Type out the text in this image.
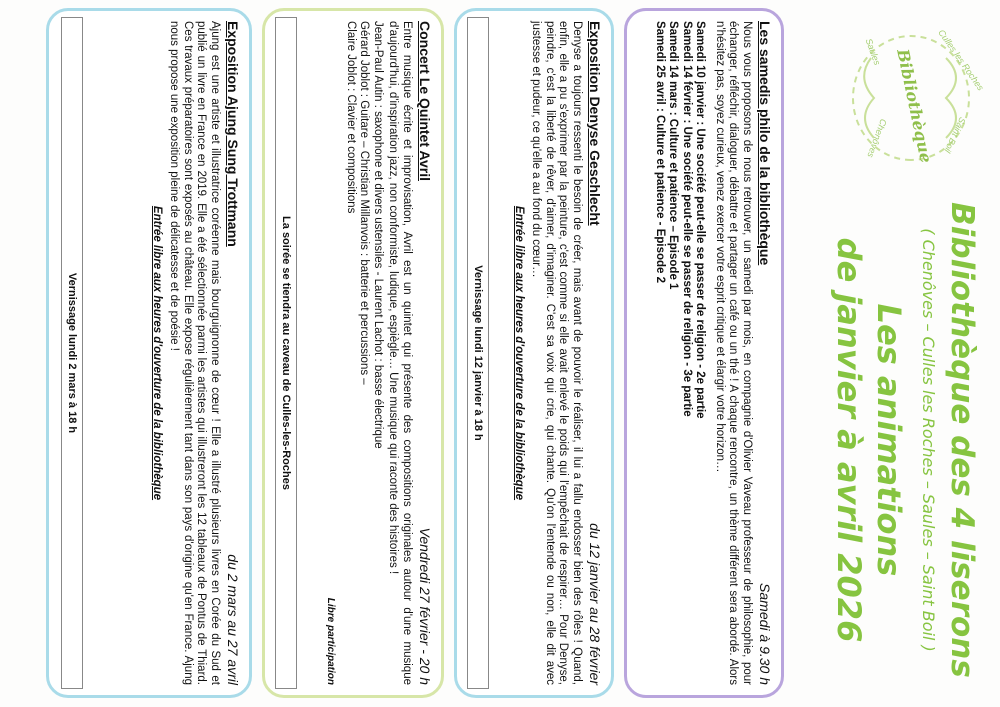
Bibliothèque Culles les Roches
Saint Boil
Saules
Chenôves
Bibliothèque des 4 liserons
( Chenôves – Culles les Roches – Saules – Saint Boil )
Les animations
de janvier à avril 2026
Les samedis philo de la bibliothèque
Samedi à 9.30 h
Nous vous proposons de nous retrouver, un samedi par mois, en compagnie d'Olivier Vaveau professeur de philosophie, pour échanger, réfléchir, dialoguer, débattre et partager un café ou un thé ! A chaque rencontre, un thème différent sera abordé. Alors n'hésitez pas, soyez curieux, venez exercer votre esprit critique et élargir votre horizon…
Samedi 10 janvier : Une société peut-elle se passer de religion - 2e partie
Samedi 14 février : Une société peut-elle se passer de religion - 3e partie
Samedi 14 mars : Culture et patience – Episode 1
Samedi 25 avril : Culture et patience - Episode 2
Exposition Denyse Geschlecht
du 12 janvier au 28 février
Denyse a toujours ressenti le besoin de créer, mais avant de pouvoir le réaliser, il lui a fallu endosser bien des rôles ! Quand, enfin, elle a pu s'exprimer par la peinture, c'est comme si elle avait enlevé le poids qui l'empêchait de respirer… Pour Denyse, peindre, c'est la liberté de rêver, d'aimer, d'imaginer. C'est sa voix qui crie, qui chante. Qu'on l'entende ou non, elle dit avec justesse et pudeur, ce qu'elle a au fond du cœur…
Entrée libre aux heures d'ouverture de la bibliothèque
Vernissage lundi 12 janvier à 18 h
Concert Le Quintet Avril
Vendredi 27 février - 20 h
Entre musique écrite et improvisation, Avril est un quintet qui présente des compositions originales autour d'une musique d'aujourd'hui, d'inspiration jazz, non conformiste, ludique, espiègle… Une musique qui raconte des histoires !
Jean-Paul Autin : saxophone et divers ustensiles - Laurent Lachot : basse électrique
Gérard Joblot : Guitare – Christian Millanvois : batterie et percussions –
Claire Joblot : Clavier et compositions
Libre participation
La soirée se tiendra au caveau de Culles-les-Roches
Exposition Ajung Sung Trottmann
du 2 mars au 27 avril
Ajung est une artiste et illustratrice coréenne mais bourguignonne de cœur ! Elle a illustré plusieurs livres en Corée du Sud et publié un livre en France en 2019. Elle a été sélectionnée parmi les artistes qui illustreront les 12 tableaux de Pontus de Thiard. Ces travaux préparatoires sont exposés au château. Elle expose régulièrement tant dans son pays d'origine qu'en France. Ajung nous propose une exposition pleine de délicatesse et de poésie !
Entrée libre aux heures d'ouverture de la bibliothèque
Vernissage lundi 2 mars à 18 h
